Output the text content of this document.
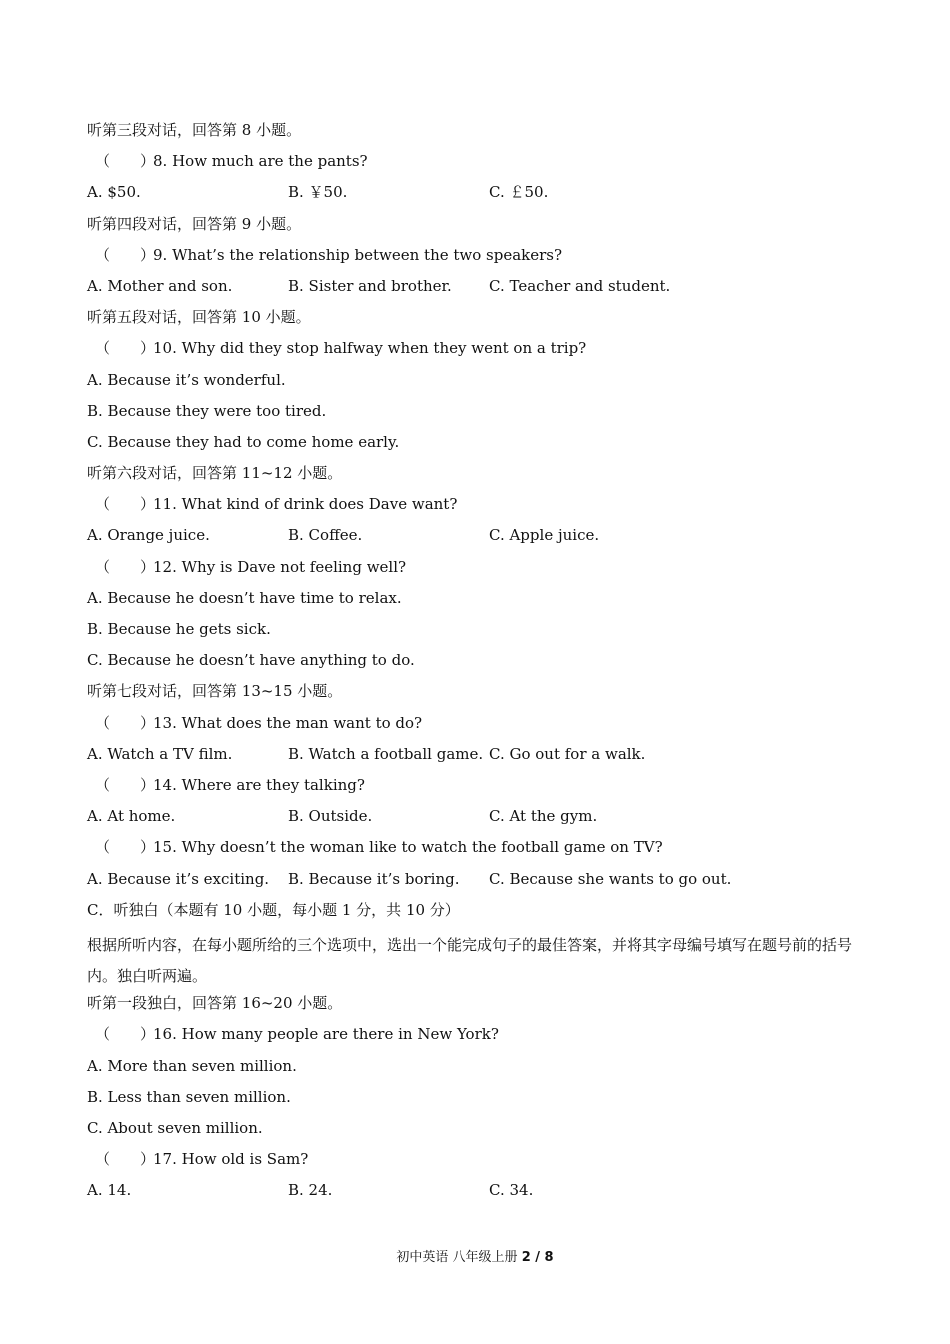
听第三段对话，回答第 8 小题。
（　　）8. How much are the pants?
A. $50.	B. ￥50.	C. ￡50.
听第四段对话，回答第 9 小题。
（　　）9. What’s the relationship between the two speakers?
A. Mother and son.	B. Sister and brother.	C. Teacher and student.
听第五段对话，回答第 10 小题。
（　　）10. Why did they stop halfway when they went on a trip?
A. Because it’s wonderful.
B. Because they were too tired.
C. Because they had to come home early.
听第六段对话，回答第 11~12 小题。
（　　）11. What kind of drink does Dave want?
A. Orange juice.	B. Coffee.	C. Apple juice.
（　　）12. Why is Dave not feeling well?
A. Because he doesn’t have time to relax.
B. Because he gets sick.
C. Because he doesn’t have anything to do.
听第七段对话，回答第 13~15 小题。
（　　）13. What does the man want to do?
A. Watch a TV film.	B. Watch a football game. C. Go out for a walk.
（　　）14. Where are they talking?
A. At home.	B. Outside.	C. At the gym.
（　　）15. Why doesn’t the woman like to watch the football game on TV?
A. Because it’s exciting.	B. Because it’s boring.	C. Because she wants to go out.
C．听独白（本题有 10 小题，每小题 1 分，共 10 分）
根据所听内容，在每小题所给的三个选项中，选出一个能完成句子的最佳答案，并将其字母编号填写在题号前的括号内。独白听两遍。
听第一段独白，回答第 16~20 小题。
（　　）16. How many people are there in New York?
A. More than seven million.
B. Less than seven million.
C. About seven million.
（　　）17. How old is Sam?
A. 14.	B. 24.	C. 34.
初中英语 八年级上册 2 / 8
